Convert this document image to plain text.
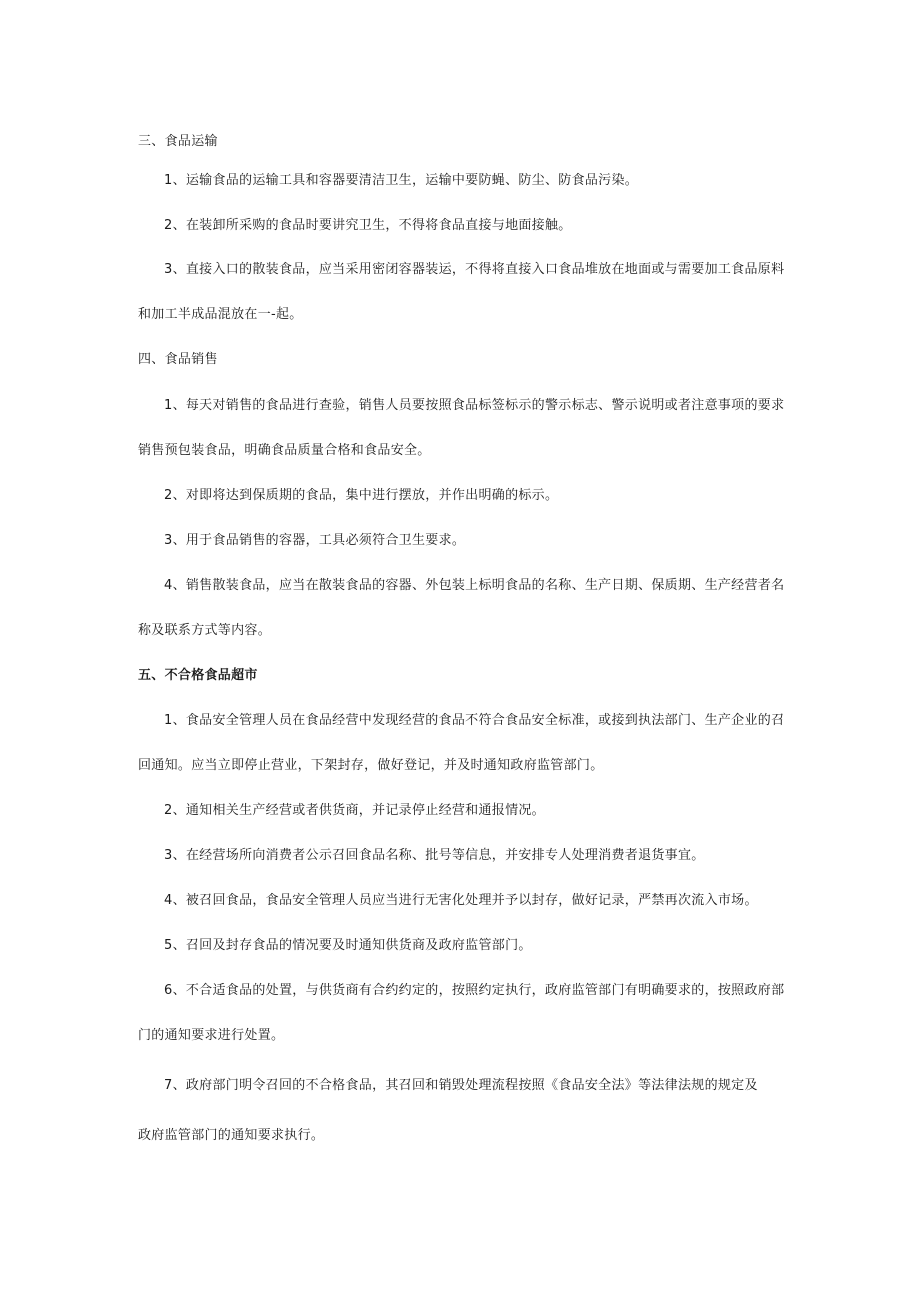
三、食品运输
1、运输食品的运输工具和容器要清洁卫生，运输中要防蝇、防尘、防食品污染。
2、在装卸所采购的食品时要讲究卫生，不得将食品直接与地面接触。
3、直接入口的散装食品，应当采用密闭容器装运，不得将直接入口食品堆放在地面或与需要加工食品原料
和加工半成品混放在一-起。
四、食品销售
1、每天对销售的食品进行查验，销售人员要按照食品标签标示的警示标志、警示说明或者注意事项的要求
销售预包装食品，明确食品质量合格和食品安全。
2、对即将达到保质期的食品，集中进行摆放，并作出明确的标示。
3、用于食品销售的容器，工具必须符合卫生要求。
4、销售散装食品，应当在散装食品的容器、外包装上标明食品的名称、生产日期、保质期、生产经营者名
称及联系方式等内容。
五、不合格食品超市
1、食品安全管理人员在食品经营中发现经营的食品不符合食品安全标准，或接到执法部门、生产企业的召
回通知。应当立即停止营业，下架封存，做好登记，并及时通知政府监管部门。
2、通知相关生产经营或者供货商，并记录停止经营和通报情况。
3、在经营场所向消费者公示召回食品名称、批号等信息，并安排专人处理消费者退货事宜。
4、被召回食品，食品安全管理人员应当进行无害化处理并予以封存，做好记录，严禁再次流入市场。
5、召回及封存食品的情况要及时通知供货商及政府监管部门。
6、不合适食品的处置，与供货商有合约约定的，按照约定执行，政府监管部门有明确要求的，按照政府部
门的通知要求进行处置。
7、政府部门明令召回的不合格食品，其召回和销毁处理流程按照《食品安全法》等法律法规的规定及
政府监管部门的通知要求执行。
